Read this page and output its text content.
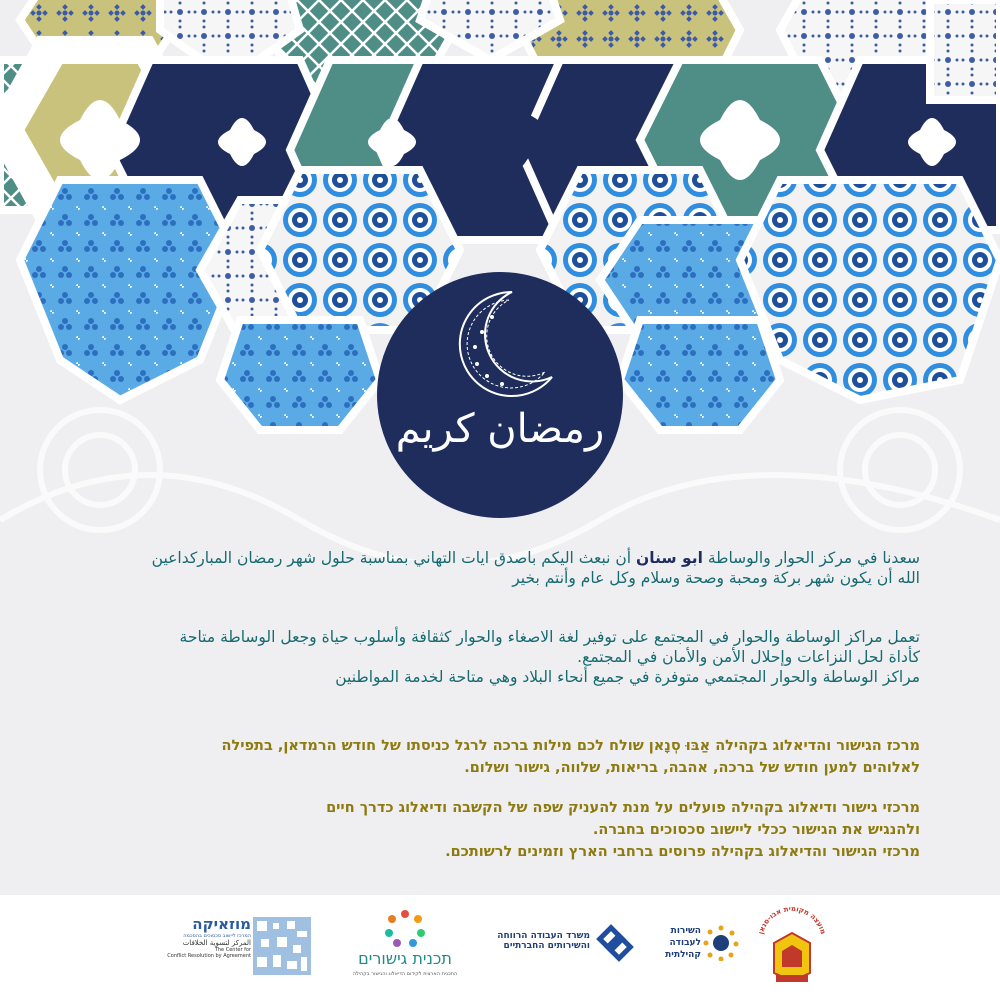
رمضان كريم

سعدنا في مركز الحوار والوساطة ابو سنان أن نبعث اليكم باصدق ايات التهاني بمناسبة حلول شهر رمضان المباركداعين

الله أن يكون شهر بركة ومحبة وصحة وسلام وكل عام وأنتم بخير

تعمل مراكز الوساطة والحوار في المجتمع على توفير لغة الاصغاء والحوار كثقافة وأسلوب حياة وجعل الوساطة متاحة

كأداة لحل النزاعات وإحلال الأمن والأمان في المجتمع.

مراكز الوساطة والحوار المجتمعي متوفرة في جميع أنحاء البلاد وهي متاحة لخدمة المواطنين

מרכז הגישור והדיאלוג בקהילה אַבּוּ סְנָאן שולח לכם מילות ברכה לרגל כניסתו של חודש הרמדאן, בתפילה

לאלוהים למען חודש של ברכה, אהבה, בריאות, שלווה, גישור ושלום.

מרכזי גישור ודיאלוג בקהילה פועלים על מנת להעניק שפה של הקשבה ודיאלוג כדרך חיים

ולהנגיש את הגישור ככלי ליישוב סכסוכים בחברה.

מרכזי הגישור והדיאלוג בקהילה פרוסים ברחבי הארץ וזמינים לרשותכם.

מוזאיקה
המרכז ליישוב סכסוכים בהסכמה
المركز لتسوية الخلافات
The Center for
Conflict Resolution by Agreement	תכנית גישורים
התכנית הארצית לקידום הדיאלוג והגישור בקהילה
משרד העבודה הרווחה
והשירותים החברתיים
השירות
לעבודה
קהילתית
מועצה מקומית אבו-סנאן
